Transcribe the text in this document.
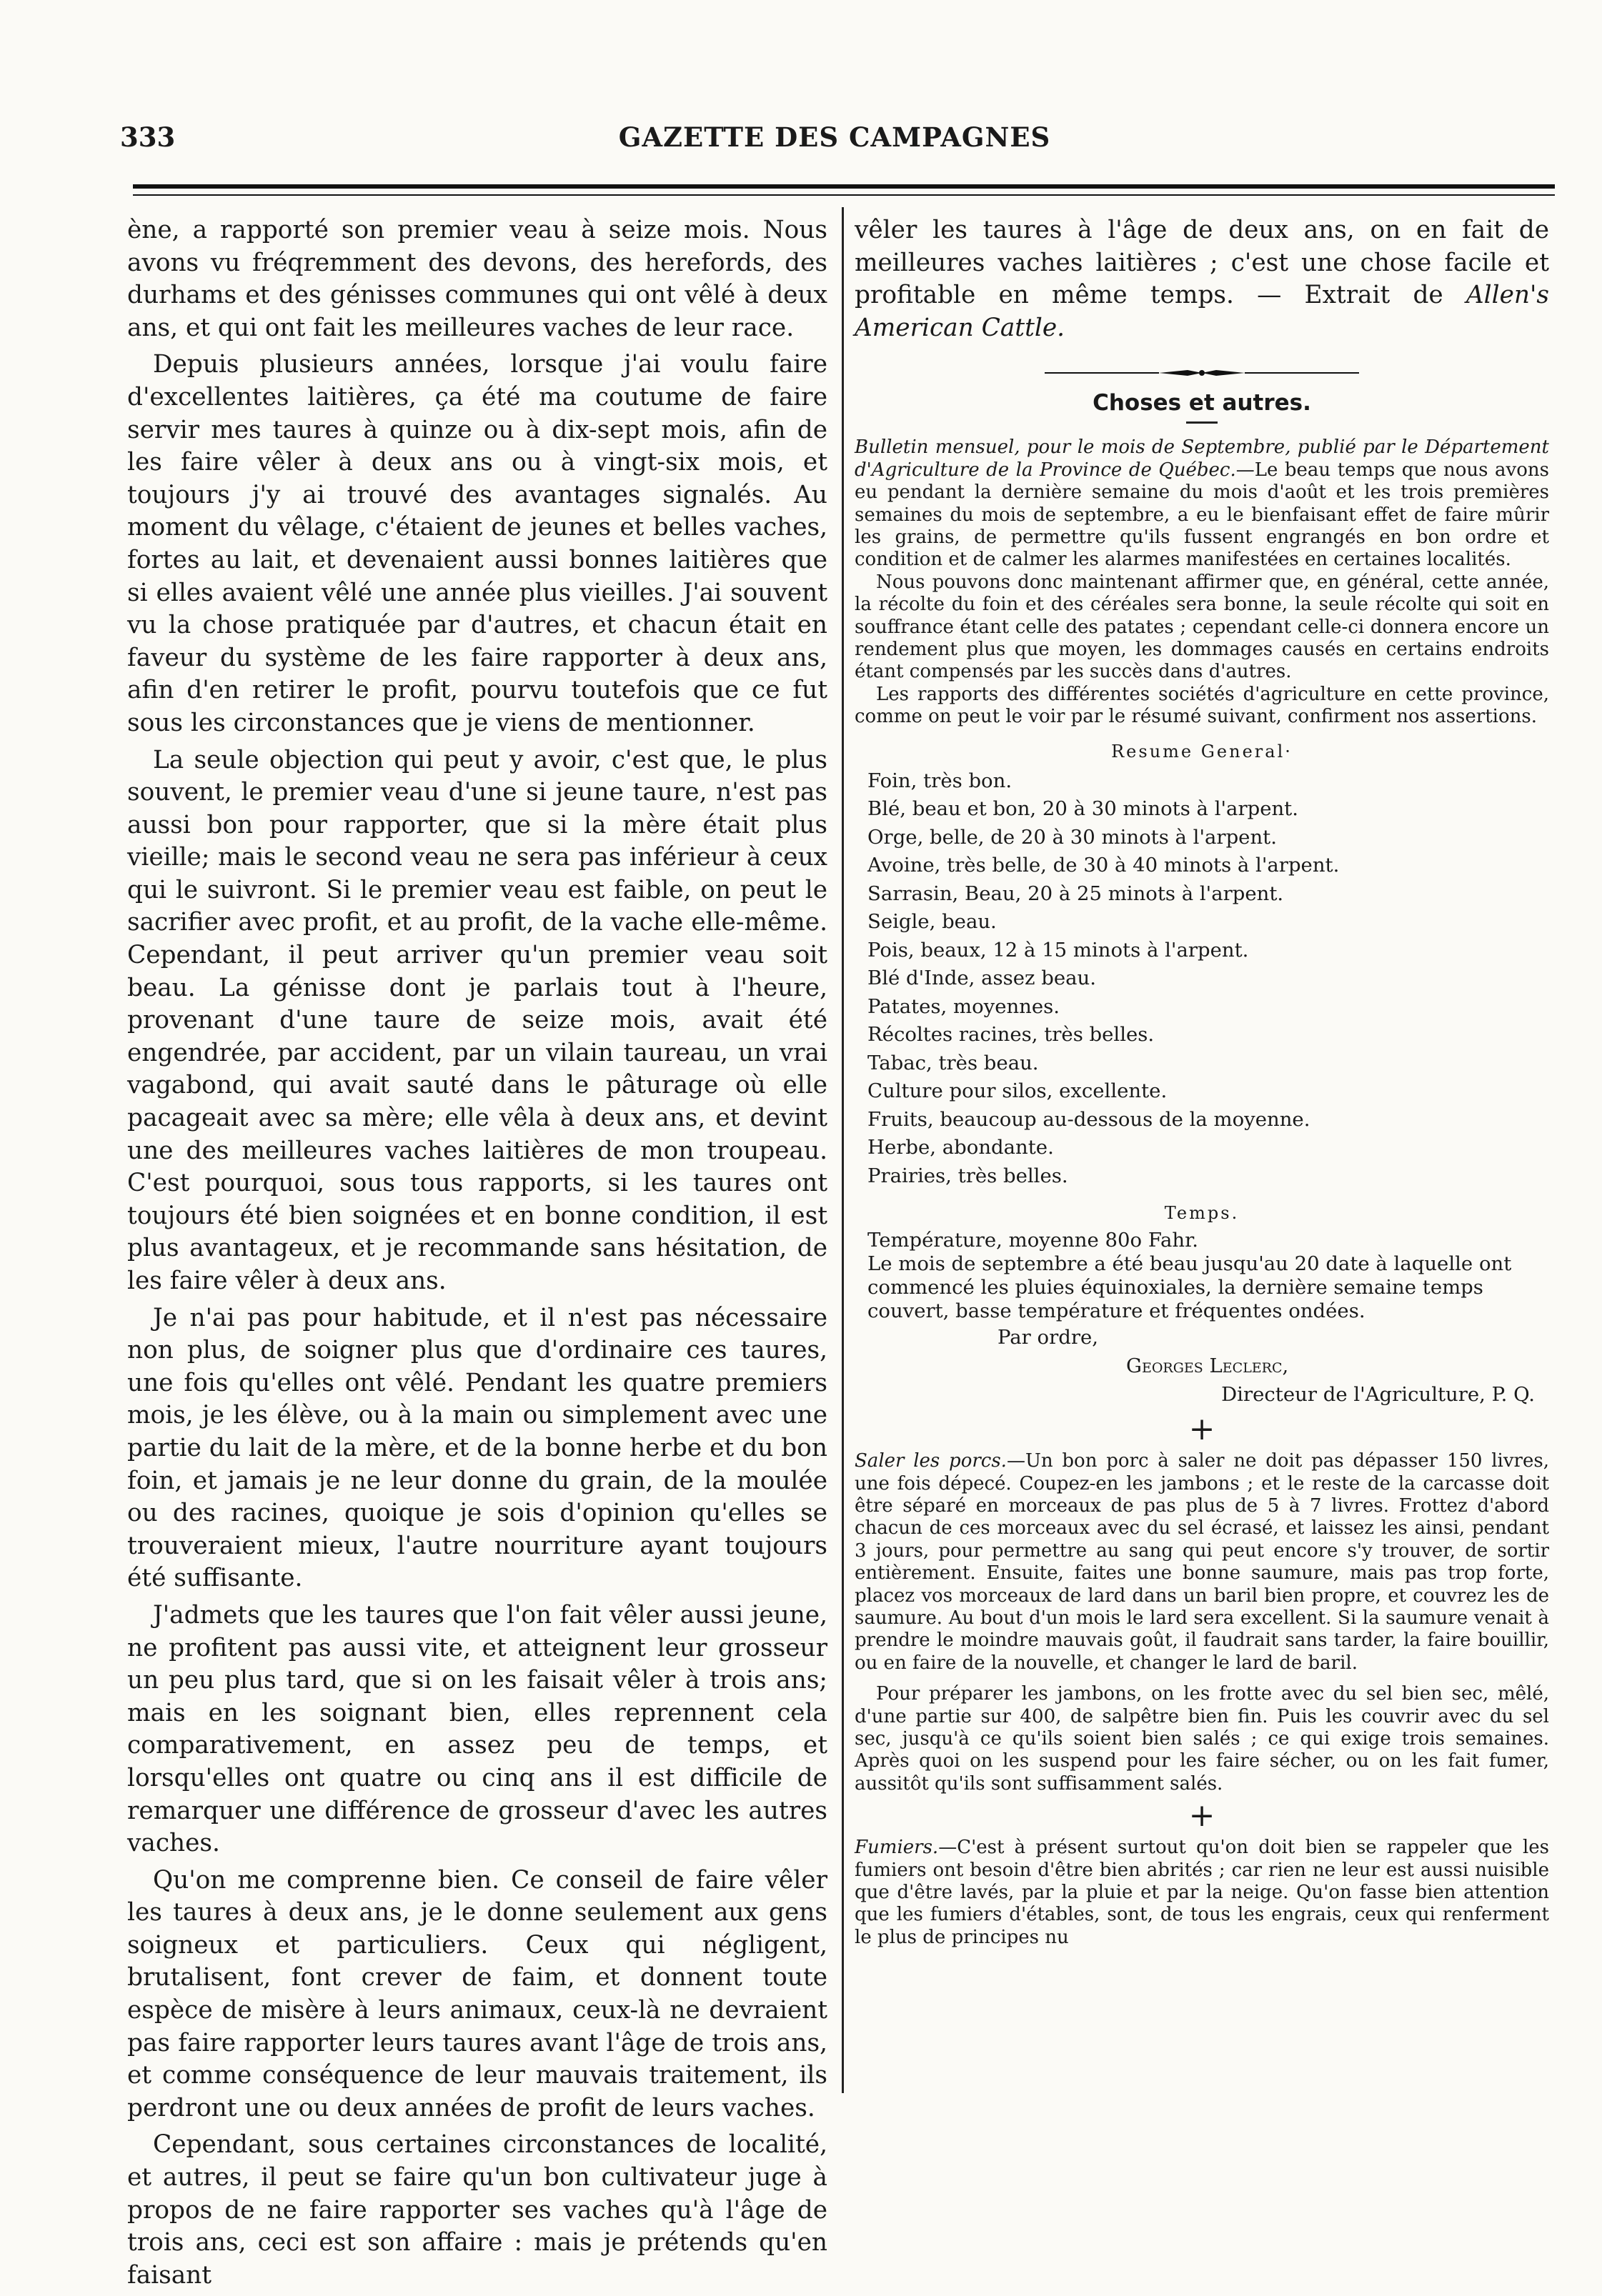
333	GAZETTE DES CAMPAGNES

ène, a rapporté son premier veau à seize mois. Nous avons vu fréqremment des devons, des herefords, des durhams et des génisses communes qui ont vêlé à deux ans, et qui ont fait les meilleures vaches de leur race.

Depuis plusieurs années, lorsque j'ai voulu faire d'excellentes laitières, ça été ma coutume de faire servir mes taures à quinze ou à dix-sept mois, afin de les faire vêler à deux ans ou à vingt-six mois, et toujours j'y ai trouvé des avantages signalés. Au moment du vêlage, c'étaient de jeunes et belles vaches, fortes au lait, et devenaient aussi bonnes laitières que si elles avaient vêlé une année plus vieilles. J'ai souvent vu la chose pratiquée par d'autres, et chacun était en faveur du système de les faire rapporter à deux ans, afin d'en retirer le profit, pourvu toutefois que ce fut sous les circonstances que je viens de mentionner.

La seule objection qui peut y avoir, c'est que, le plus souvent, le premier veau d'une si jeune taure, n'est pas aussi bon pour rapporter, que si la mère était plus vieille; mais le second veau ne sera pas inférieur à ceux qui le suivront. Si le premier veau est faible, on peut le sacrifier avec profit, et au profit, de la vache elle-même. Cependant, il peut arriver qu'un premier veau soit beau. La génisse dont je parlais tout à l'heure, provenant d'une taure de seize mois, avait été engendrée, par accident, par un vilain taureau, un vrai vagabond, qui avait sauté dans le pâturage où elle pacageait avec sa mère; elle vêla à deux ans, et devint une des meilleures vaches laitières de mon troupeau. C'est pourquoi, sous tous rapports, si les taures ont toujours été bien soignées et en bonne condition, il est plus avantageux, et je recommande sans hésitation, de les faire vêler à deux ans.

Je n'ai pas pour habitude, et il n'est pas nécessaire non plus, de soigner plus que d'ordinaire ces taures, une fois qu'elles ont vêlé. Pendant les quatre premiers mois, je les élève, ou à la main ou simplement avec une partie du lait de la mère, et de la bonne herbe et du bon foin, et jamais je ne leur donne du grain, de la moulée ou des racines, quoique je sois d'opinion qu'elles se trouveraient mieux, l'autre nourriture ayant toujours été suffisante.

J'admets que les taures que l'on fait vêler aussi jeune, ne profitent pas aussi vite, et atteignent leur grosseur un peu plus tard, que si on les faisait vêler à trois ans; mais en les soignant bien, elles reprennent cela comparativement, en assez peu de temps, et lorsqu'elles ont quatre ou cinq ans il est difficile de remarquer une différence de grosseur d'avec les autres vaches.

Qu'on me comprenne bien. Ce conseil de faire vêler les taures à deux ans, je le donne seulement aux gens soigneux et particuliers. Ceux qui négligent, brutalisent, font crever de faim, et donnent toute espèce de misère à leurs animaux, ceux-là ne devraient pas faire rapporter leurs taures avant l'âge de trois ans, et comme conséquence de leur mauvais traitement, ils perdront une ou deux années de profit de leurs vaches.

Cependant, sous certaines circonstances de localité, et autres, il peut se faire qu'un bon cultivateur juge à propos de ne faire rapporter ses vaches qu'à l'âge de trois ans, ceci est son affaire : mais je prétends qu'en faisant

vêler les taures à l'âge de deux ans, on en fait de meilleures vaches laitières ; c'est une chose facile et profitable en même temps. — Extrait de Allen's American Cattle.

Choses et autres.

Bulletin mensuel, pour le mois de Septembre, publié par le Département d'Agriculture de la Province de Québec.—Le beau temps que nous avons eu pendant la dernière semaine du mois d'août et les trois premières semaines du mois de septembre, a eu le bienfaisant effet de faire mûrir les grains, de permettre qu'ils fussent engrangés en bon ordre et condition et de calmer les alarmes manifestées en certaines localités.

Nous pouvons donc maintenant affirmer que, en général, cette année, la récolte du foin et des céréales sera bonne, la seule récolte qui soit en souffrance étant celle des patates ; cependant celle-ci donnera encore un rendement plus que moyen, les dommages causés en certains endroits étant compensés par les succès dans d'autres.

Les rapports des différentes sociétés d'agriculture en cette province, comme on peut le voir par le résumé suivant, confirment nos assertions.

Resume General·
Foin, très bon.
Blé, beau et bon, 20 à 30 minots à l'arpent.
Orge, belle, de 20 à 30 minots à l'arpent.
Avoine, très belle, de 30 à 40 minots à l'arpent.
Sarrasin, Beau, 20 à 25 minots à l'arpent.
Seigle, beau.
Pois, beaux, 12 à 15 minots à l'arpent.
Blé d'Inde, assez beau.
Patates, moyennes.
Récoltes racines, très belles.
Tabac, très beau.
Culture pour silos, excellente.
Fruits, beaucoup au-dessous de la moyenne.
Herbe, abondante.
Prairies, très belles.
Temps.
Température, moyenne 80o Fahr.
Le mois de septembre a été beau jusqu'au 20 date à laquelle ont commencé les pluies équinoxiales, la dernière semaine temps couvert, basse température et fréquentes ondées.

Par ordre,

Georges Leclerc,

Directeur de l'Agriculture, P. Q.

+

Saler les porcs.—Un bon porc à saler ne doit pas dépasser 150 livres, une fois dépecé. Coupez-en les jambons ; et le reste de la carcasse doit être séparé en morceaux de pas plus de 5 à 7 livres. Frottez d'abord chacun de ces morceaux avec du sel écrasé, et laissez les ainsi, pendant 3 jours, pour permettre au sang qui peut encore s'y trouver, de sortir entièrement. Ensuite, faites une bonne saumure, mais pas trop forte, placez vos morceaux de lard dans un baril bien propre, et couvrez les de saumure. Au bout d'un mois le lard sera excellent. Si la saumure venait à prendre le moindre mauvais goût, il faudrait sans tarder, la faire bouillir, ou en faire de la nouvelle, et changer le lard de baril.

Pour préparer les jambons, on les frotte avec du sel bien sec, mêlé, d'une partie sur 400, de salpêtre bien fin. Puis les couvrir avec du sel sec, jusqu'à ce qu'ils soient bien salés ; ce qui exige trois semaines. Après quoi on les suspend pour les faire sécher, ou on les fait fumer, aussitôt qu'ils sont suffisamment salés.

+

Fumiers.—C'est à présent surtout qu'on doit bien se rappeler que les fumiers ont besoin d'être bien abrités ; car rien ne leur est aussi nuisible que d'être lavés, par la pluie et par la neige. Qu'on fasse bien attention que les fumiers d'étables, sont, de tous les engrais, ceux qui renferment le plus de principes nu
